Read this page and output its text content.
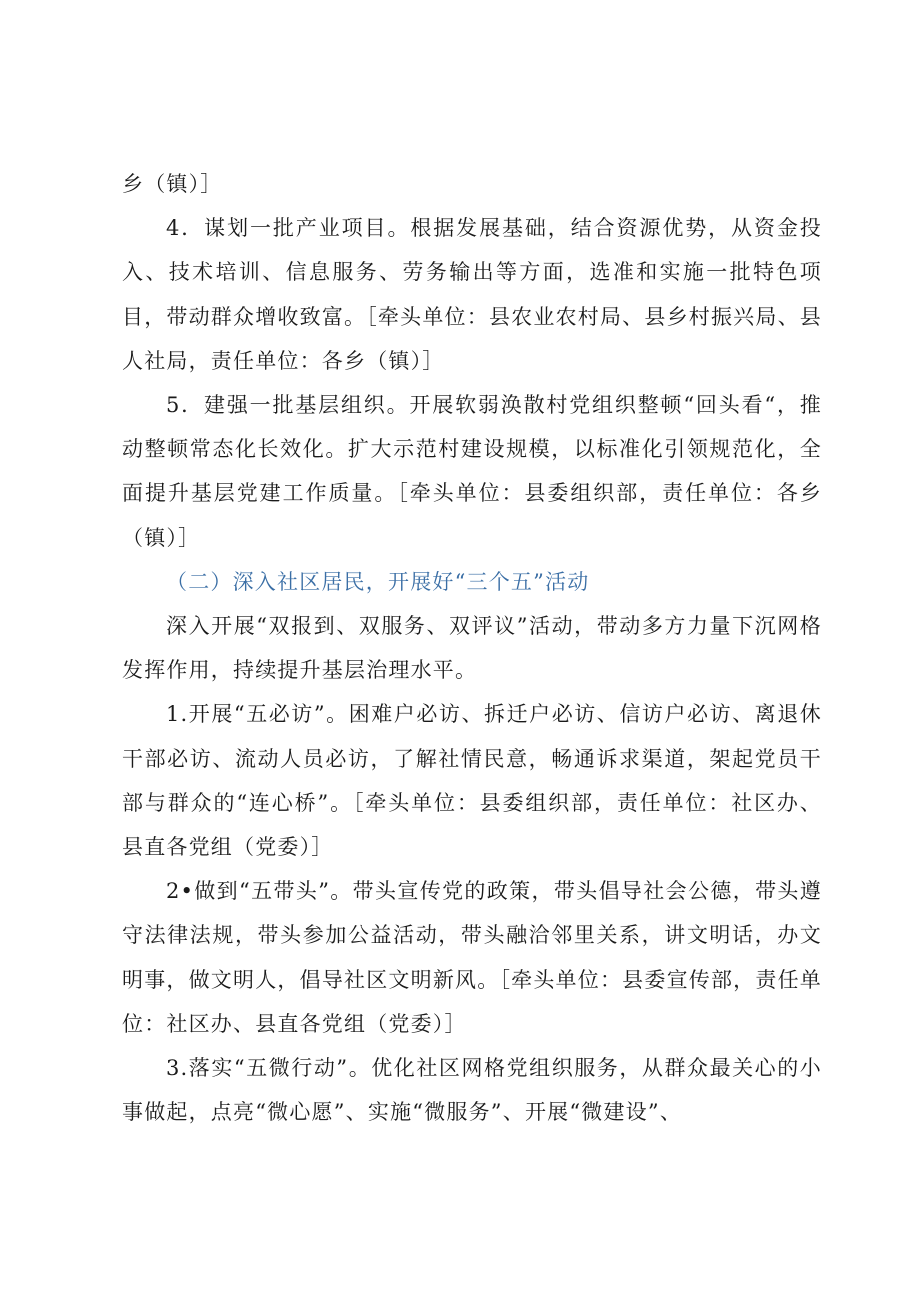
乡（镇）］

4．谋划一批产业项目。根据发展基础，结合资源优势，从资金投入、技术培训、信息服务、劳务输出等方面，选准和实施一批特色项目，带动群众增收致富。［牵头单位：县农业农村局、县乡村振兴局、县人社局，责任单位：各乡（镇）］

5．建强一批基层组织。开展软弱涣散村党组织整顿“回头看“，推动整顿常态化长效化。扩大示范村建设规模，以标准化引领规范化，全面提升基层党建工作质量。［牵头单位：县委组织部，责任单位：各乡（镇）］

（二）深入社区居民，开展好“三个五”活动

深入开展“双报到、双服务、双评议”活动，带动多方力量下沉网格发挥作用，持续提升基层治理水平。

1.开展“五必访”。困难户必访、拆迁户必访、信访户必访、离退休干部必访、流动人员必访，了解社情民意，畅通诉求渠道，架起党员干部与群众的“连心桥”。［牵头单位：县委组织部，责任单位：社区办、县直各党组（党委）］

2•做到“五带头”。带头宣传党的政策，带头倡导社会公德，带头遵守法律法规，带头参加公益活动，带头融洽邻里关系，讲文明话，办文明事，做文明人，倡导社区文明新风。［牵头单位：县委宣传部，责任单位：社区办、县直各党组（党委）］

3.落实“五微行动”。优化社区网格党组织服务，从群众最关心的小事做起，点亮“微心愿”、实施“微服务”、开展“微建设”、
